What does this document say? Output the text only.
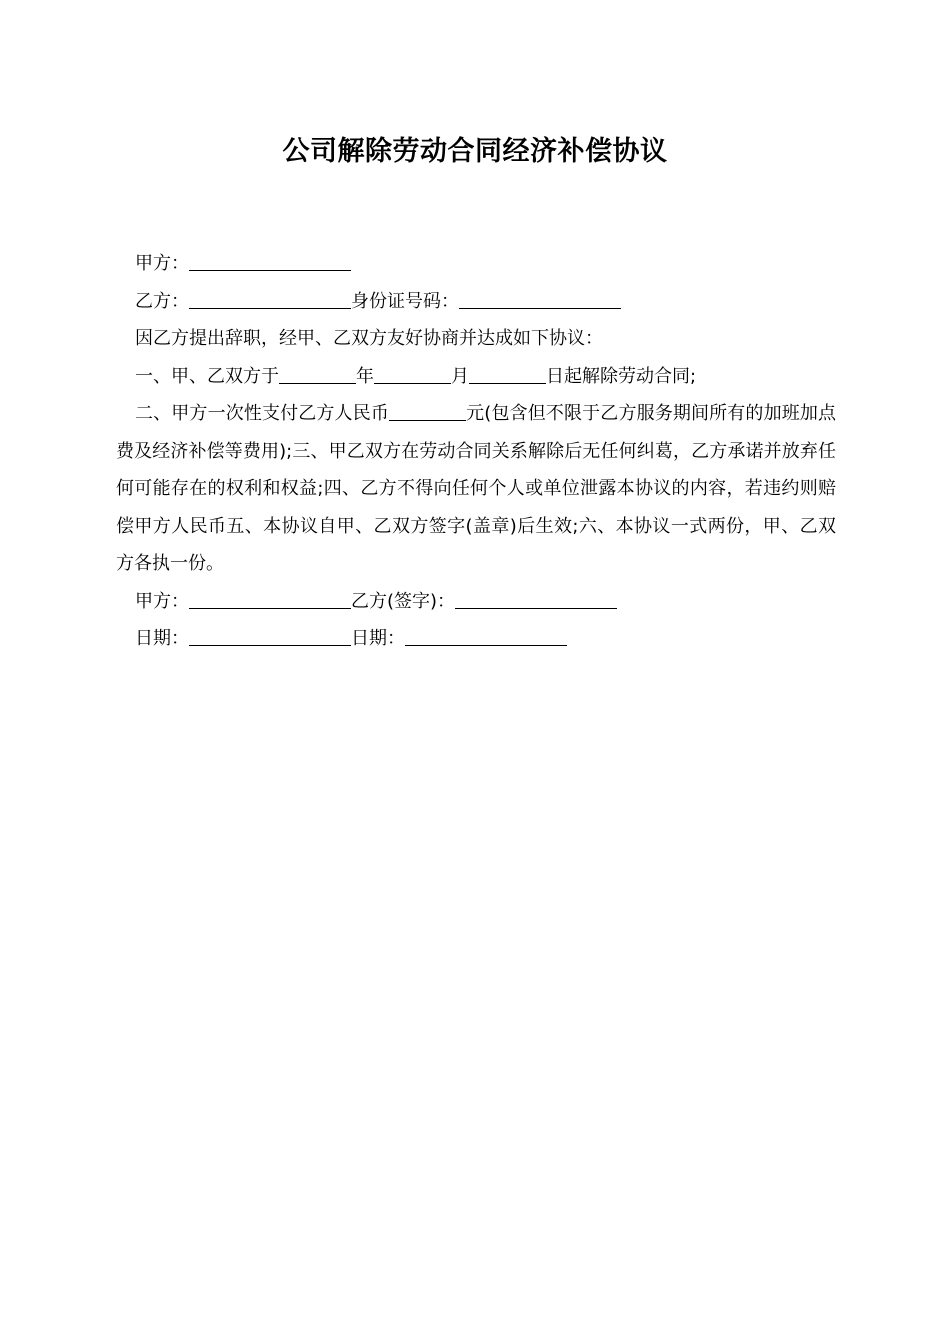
公司解除劳动合同经济补偿协议
甲方：
乙方：	身份证号码：
因乙方提出辞职，经甲、乙双方友好协商并达成如下协议：
一、甲、乙双方于	年	月	日起解除劳动合同;
二、甲方一次性支付乙方人民币	元(包含但不限于乙方服务期间所有的加班加点费及经济补偿等费用);三、甲乙双方在劳动合同关系解除后无任何纠葛，乙方承诺并放弃任何可能存在的权利和权益;四、乙方不得向任何个人或单位泄露本协议的内容，若违约则赔偿甲方人民币五、本协议自甲、乙双方签字(盖章)后生效;六、本协议一式两份，甲、乙双方各执一份。
甲方：	乙方(签字)：
日期：	日期：
